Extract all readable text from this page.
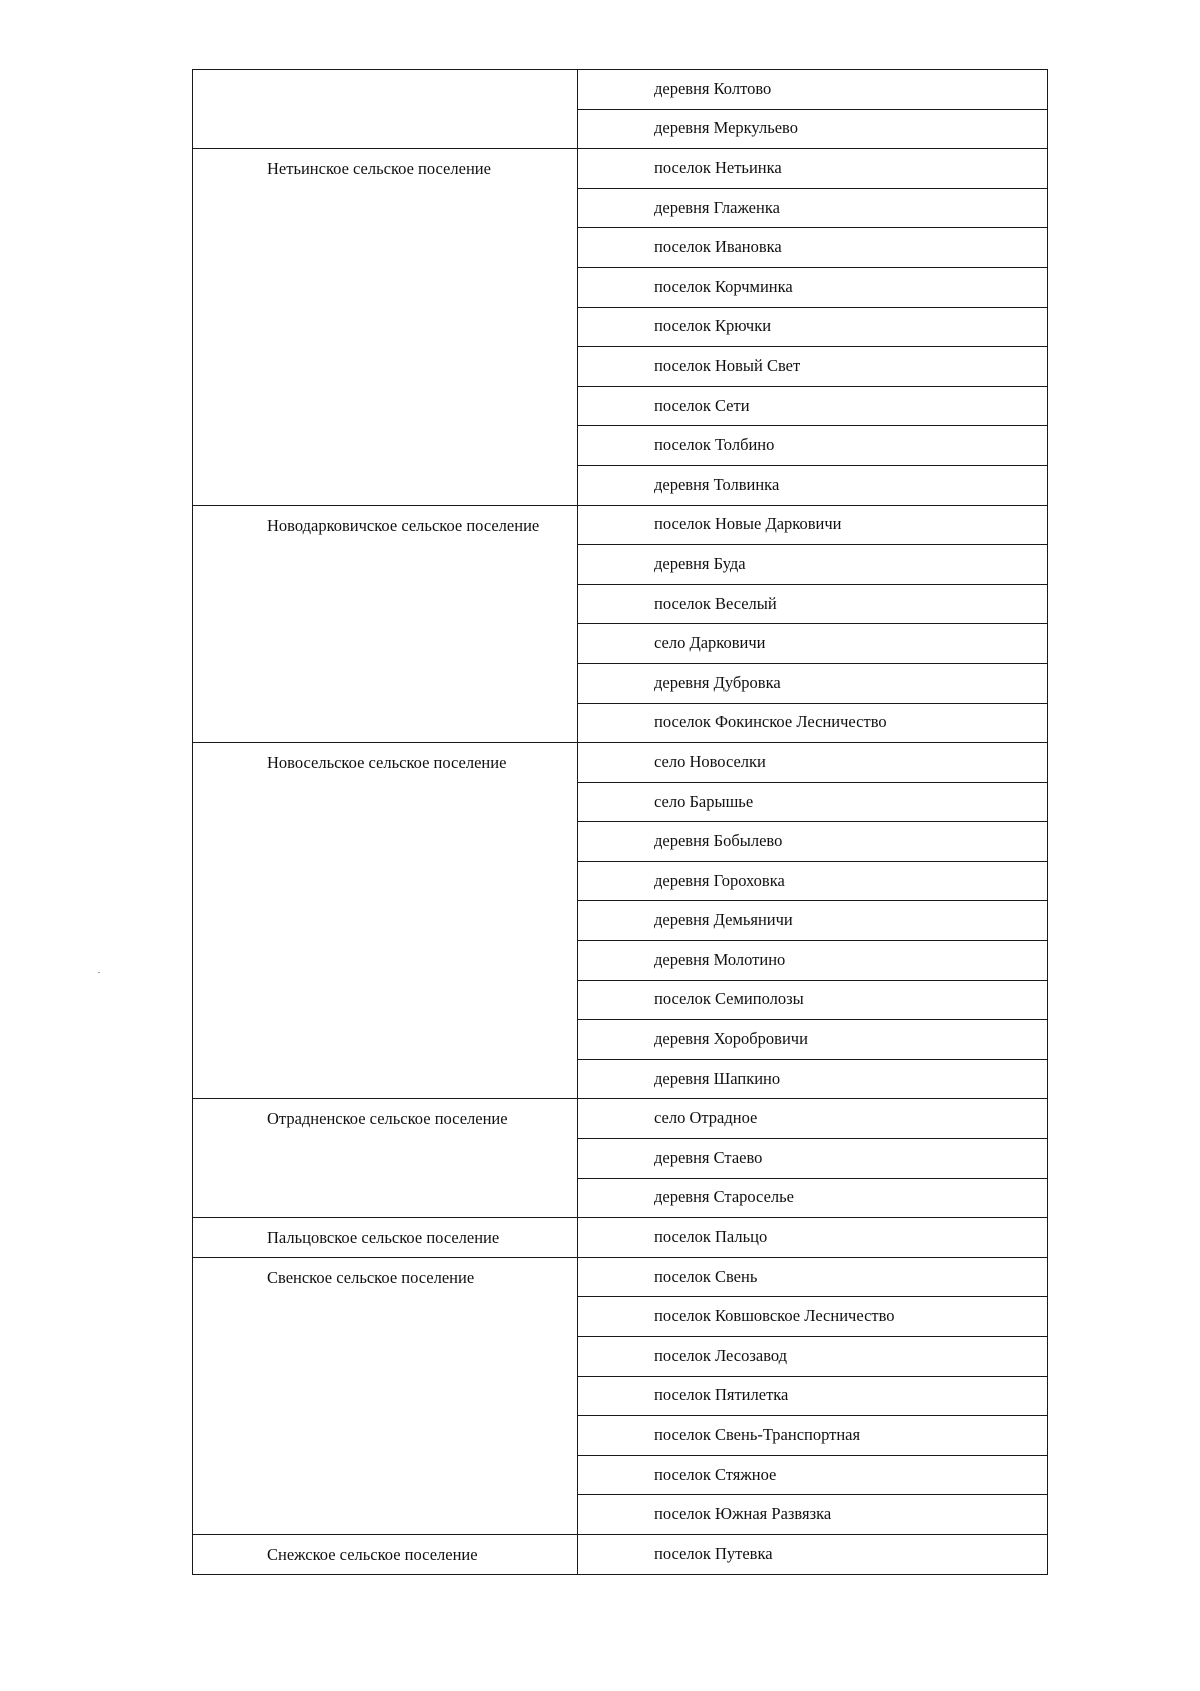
	деревня Колтово
	деревня Меркульево
Нетьинское сельское поселение	поселок Нетьинка
	деревня Глаженка
	поселок Ивановка
	поселок Корчминка
	поселок Крючки
	поселок Новый Свет
	поселок Сети
	поселок Толбино
	деревня Толвинка
Новодарковичское сельское поселение	поселок Новые Дарковичи
	деревня Буда
	поселок Веселый
	село Дарковичи
	деревня Дубровка
	поселок Фокинское Лесничество
Новосельское сельское поселение	село Новоселки
	село Барышье
	деревня Бобылево
	деревня Гороховка
	деревня Демьяничи
	деревня Молотино
	поселок Семиполозы
	деревня Хоробровичи
	деревня Шапкино
Отрадненское сельское поселение	село Отрадное
	деревня Стаево
	деревня Староселье
Пальцовское сельское поселение	поселок Пальцо
Свенское сельское поселение	поселок Свень
	поселок Ковшовское Лесничество
	поселок Лесозавод
	поселок Пятилетка
	поселок Свень-Транспортная
	поселок Стяжное
	поселок Южная Развязка
Снежское сельское поселение	поселок Путевка
